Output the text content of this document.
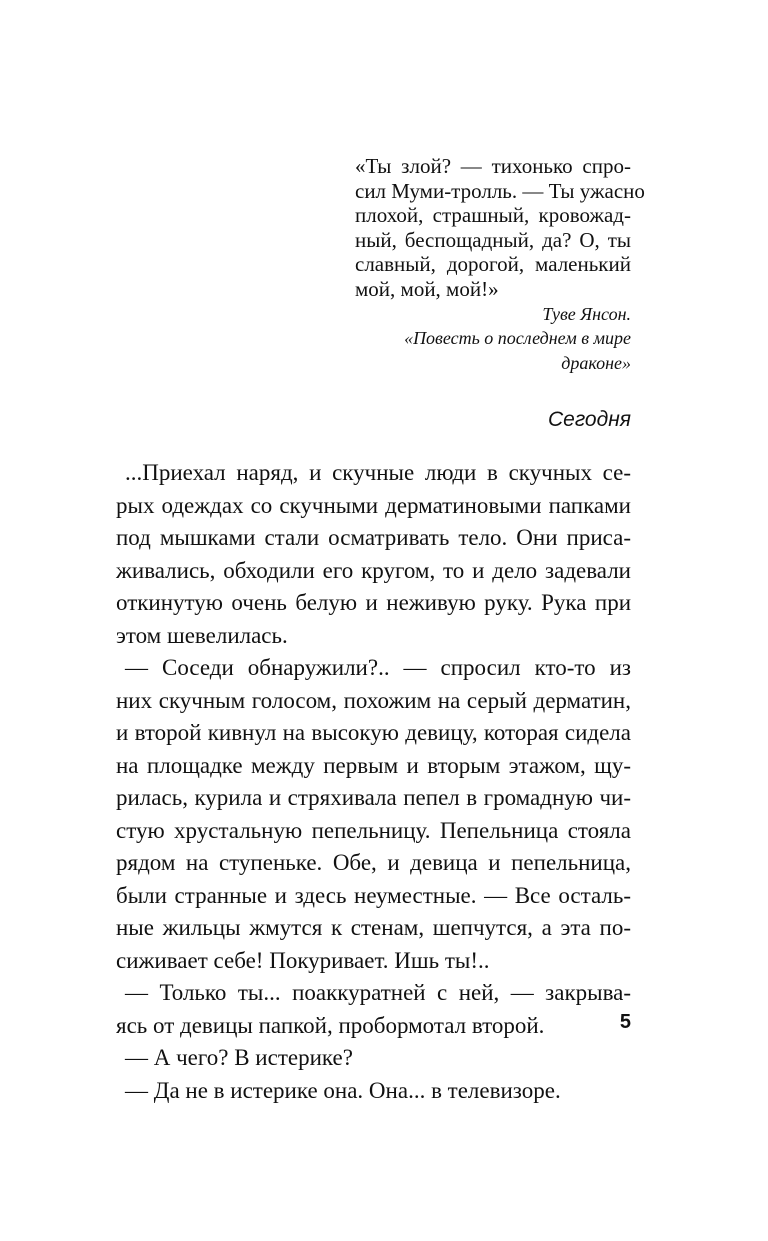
«Ты злой? — тихонько спро-
сил Муми-тролль. — Ты ужасно
плохой, страшный, кровожад-
ный, беспощадный, да? О, ты
славный, дорогой, маленький
мой, мой, мой!»
Туве Янсон.
«Повесть о последнем в мире
драконе»
Сегодня
...Приехал наряд, и скучные люди в скучных се-
рых одеждах со скучными дерматиновыми папками
под мышками стали осматривать тело. Они приса-
живались, обходили его кругом, то и дело задевали
откинутую очень белую и неживую руку. Рука при
этом шевелилась.
— Соседи обнаружили?.. — спросил кто-то из
них скучным голосом, похожим на серый дерматин,
и второй кивнул на высокую девицу, которая сидела
на площадке между первым и вторым этажом, щу-
рилась, курила и стряхивала пепел в громадную чи-
стую хрустальную пепельницу. Пепельница стояла
рядом на ступеньке. Обе, и девица и пепельница,
были странные и здесь неуместные. — Все осталь-
ные жильцы жмутся к стенам, шепчутся, а эта по-
сиживает себе! Покуривает. Ишь ты!..
— Только ты... поаккуратней с ней, — закрыва-
ясь от девицы папкой, пробормотал второй.
— А чего? В истерике?
— Да не в истерике она. Она... в телевизоре.
5
